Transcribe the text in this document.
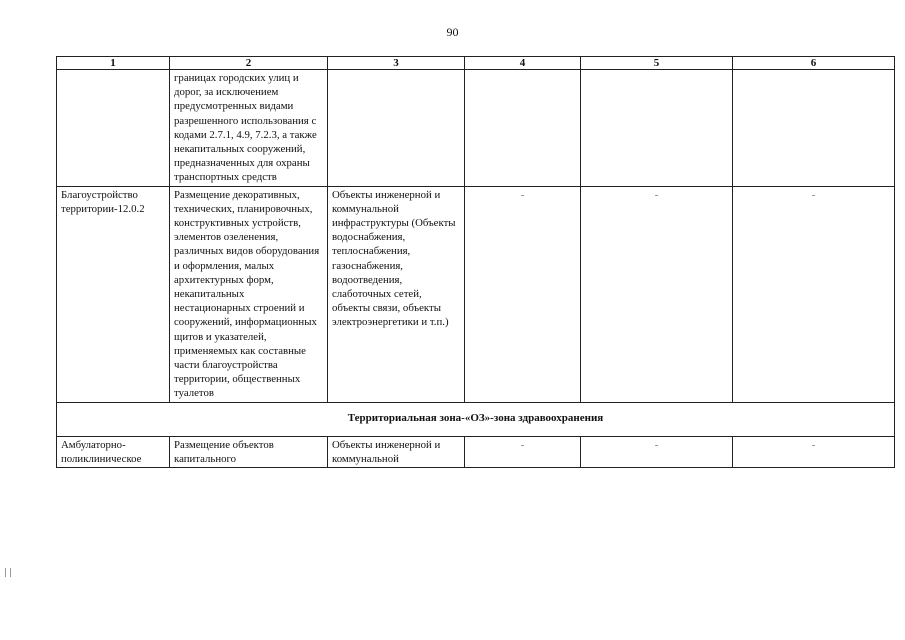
90
1	2	3	4	5	6
	границах городских улиц и дорог, за исключением предусмотренных видами разрешенного использования с кодами 2.7.1, 4.9, 7.2.3, а также некапитальных сооружений, предназначенных для охраны транспортных средств				
Благоустройство территории-12.0.2	Размещение декоративных, технических, планировочных, конструктивных устройств, элементов озеленения, различных видов оборудования и оформления, малых архитектурных форм, некапитальных нестационарных строений и сооружений, информационных щитов и указателей, применяемых как составные части благоустройства территории, общественных туалетов	Объекты инженерной и коммунальной инфраструктуры (Объекты водоснабжения, теплоснабжения, газоснабжения, водоотведения, слаботочных сетей, объекты связи, объекты электроэнергетики и т.п.)	-	-	-
Территориальная зона-«ОЗ»-зона здравоохранения					
Амбулаторно-поликлиническое	Размещение объектов капитального	Объекты инженерной и коммунальной	-	-	-
